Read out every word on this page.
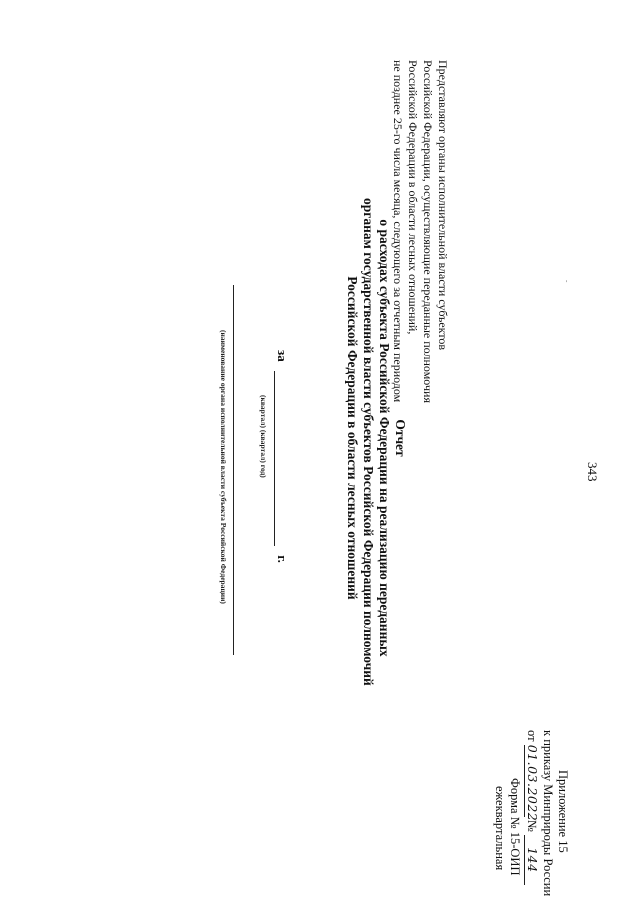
343
-
Приложение 15
к приказу Минприроды России
от 01.03.2022 № 144
Форма № 15-ОИП
ежеквартальная
Представляют органы исполнительной власти субъектов
Российской Федерации, осуществляющие переданные полномочия
Российской Федерации в области лесных отношений,
не позднее 25-го числа месяца, следующего за отчетным периодом
Отчет
о расходах субъекта Российской Федерации на реализацию переданных
органам государственной власти субъектов Российской Федерации полномочий
Российской Федерации в области лесных отношений
за  г.
(квартал) (квартал) год)
(наименование органа исполнительной власти субъекта Российской Федерации)
